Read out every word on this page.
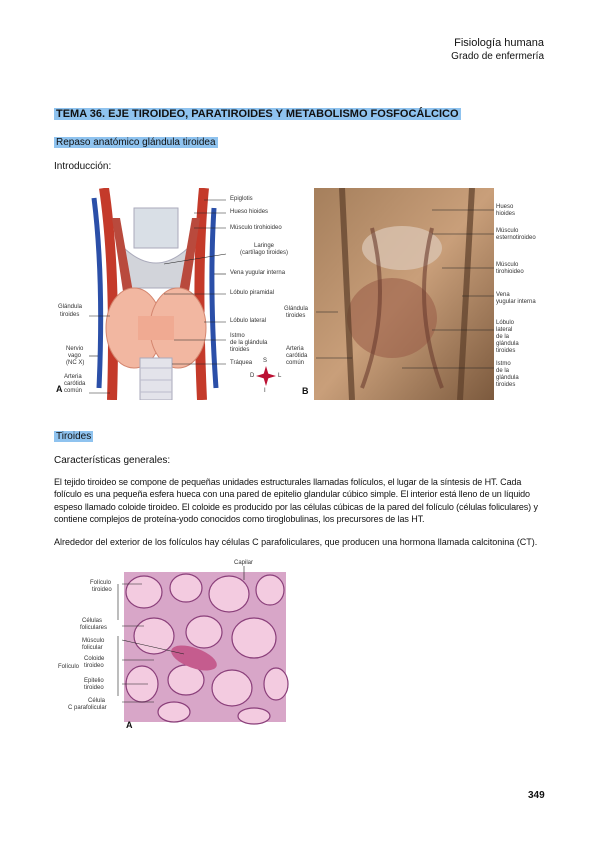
Fisiología humana
Grado de enfermería
TEMA 36. EJE TIROIDEO, PARATIROIDES Y METABOLISMO FOSFOCÁLCICO
Repaso anatómico glándula tiroidea
Introducción:
Epiglotis
Hueso hioides
Músculo tirohioideo
Laringe
(cartílago tiroides)
Vena yugular interna
Lóbulo piramidal
Lóbulo lateral
Istmo
de la glándula
tiroides
Tráquea
Glándula
tiroides
Nervio
vago
(NC X)
Arteria
carótida
común
S
D	L
I
A
Hueso
hioides
Músculo
esternotiroideo
Músculo
tirohioideo
Vena
yugular interna
Lóbulo
lateral
de la
glándula
tiroides
Istmo
de la
glándula
tiroides
Glándula
tiroides
Arteria
carótida
común
B
Tiroides
Características generales:

El tejido tiroideo se compone de pequeñas unidades estructurales llamadas folículos, el lugar de la síntesis de HT. Cada folículo es una pequeña esfera hueca con una pared de epitelio glandular cúbico simple. El interior está lleno de un líquido espeso llamado coloide tiroideo. El coloide es producido por las células cúbicas de la pared del folículo (células foliculares) y contiene complejos de proteína-yodo conocidos como tiroglobulinas, los precursores de las HT.

Alrededor del exterior de los folículos hay células C parafoliculares, que producen una hormona llamada calcitonina (CT).

Capilar
Folículo
tiroideo
Células
foliculares
Músculo
folicular
Coloide
tiroideo
Epitelio
tiroideo
Célula
C parafolicular
Folículo
A
349
